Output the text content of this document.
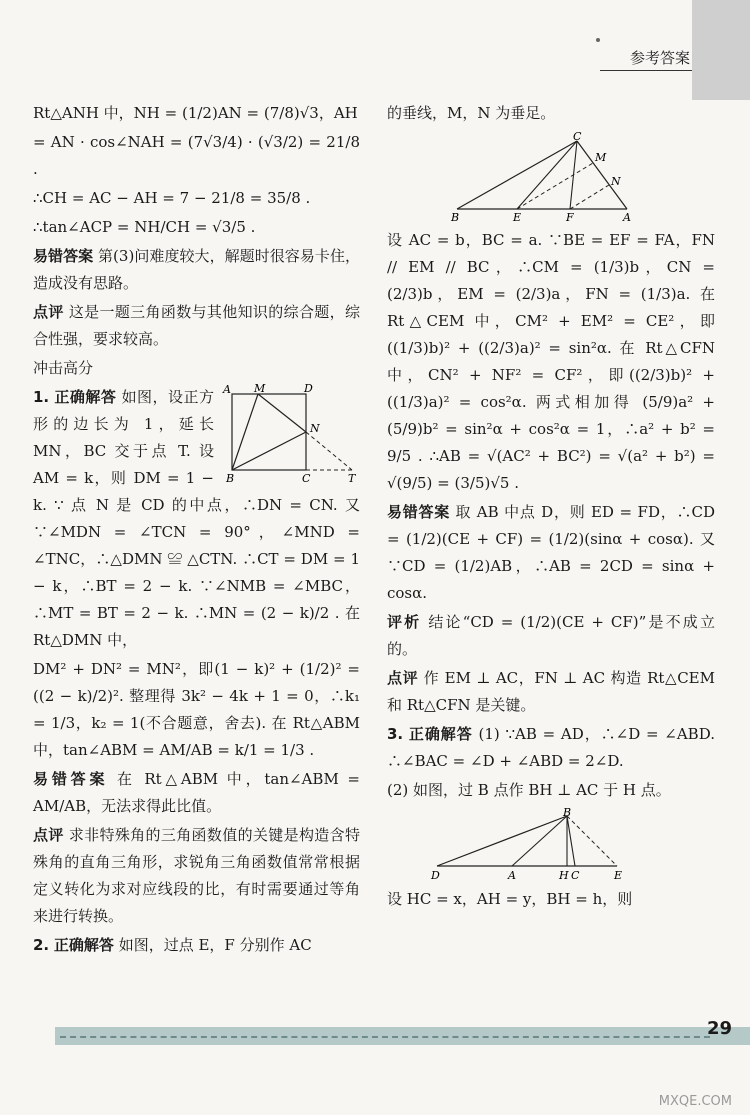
参考答案

Rt△ANH 中，NH = (1/2)AN = (7/8)√3，AH

= AN · cos∠NAH = (7√3/4) · (√3/2) = 21/8 .

∴CH = AC − AH = 7 − 21/8 = 35/8 .

∴tan∠ACP = NH/CH = √3/5 .

易错答案 第(3)问难度较大，解题时很容易卡住，造成没有思路。

点评 这是一题三角函数与其他知识的综合题，综合性强，要求较高。

冲击高分

A M	D
N
B	C	T

1. 正确解答 如图，设正方形的边长为 1，延长 MN，BC 交于点 T. 设 AM = k，则 DM = 1 − k. ∵ 点 N 是 CD 的中点，∴DN = CN. 又 ∵∠MDN = ∠TCN = 90°，∠MND = ∠TNC，∴△DMN ≌ △CTN. ∴CT = DM = 1 − k，∴BT = 2 − k. ∵∠NMB = ∠MBC，∴MT = BT = 2 − k. ∴MN = (2 − k)/2 . 在 Rt△DMN 中，

DM² + DN² = MN²，即(1 − k)² + (1/2)² = ((2 − k)/2)². 整理得 3k² − 4k + 1 = 0，∴k₁ = 1/3，k₂ = 1(不合题意，舍去). 在 Rt△ABM 中，tan∠ABM = AM/AB = k/1 = 1/3 .

易错答案 在 Rt△ABM 中，tan∠ABM = AM/AB，无法求得此比值。

点评 求非特殊角的三角函数值的关键是构造含特殊角的直角三角形，求锐角三角函数值常常根据定义转化为求对应线段的比，有时需要通过等角来进行转换。

2. 正确解答 如图，过点 E，F 分别作 AC

的垂线，M，N 为垂足。

C
M
N
B	E	F	A

设 AC = b，BC = a. ∵BE = EF = FA，FN // EM // BC，∴CM = (1/3)b，CN = (2/3)b，EM = (2/3)a，FN = (1/3)a. 在 Rt△CEM 中，CM² + EM² = CE²，即((1/3)b)² + ((2/3)a)² = sin²α. 在 Rt△CFN 中，CN² + NF² = CF²，即((2/3)b)² + ((1/3)a)² = cos²α. 两式相加得 (5/9)a² + (5/9)b² = sin²α + cos²α = 1，∴a² + b² = 9/5 . ∴AB = √(AC² + BC²) = √(a² + b²) = √(9/5) = (3/5)√5 .

易错答案 取 AB 中点 D，则 ED = FD，∴CD = (1/2)(CE + CF) = (1/2)(sinα + cosα). 又 ∵CD = (1/2)AB，∴AB = 2CD = sinα + cosα.

评析 结论“CD = (1/2)(CE + CF)”是不成立的。

点评 作 EM ⊥ AC，FN ⊥ AC 构造 Rt△CEM 和 Rt△CFN 是关键。

3. 正确解答 (1) ∵AB = AD，∴∠D = ∠ABD. ∴∠BAC = ∠D + ∠ABD = 2∠D.

(2) 如图，过 B 点作 BH ⊥ AC 于 H 点。

B
D	A	H C	E

设 HC = x，AH = y，BH = h，则

29
MXQE.COM
